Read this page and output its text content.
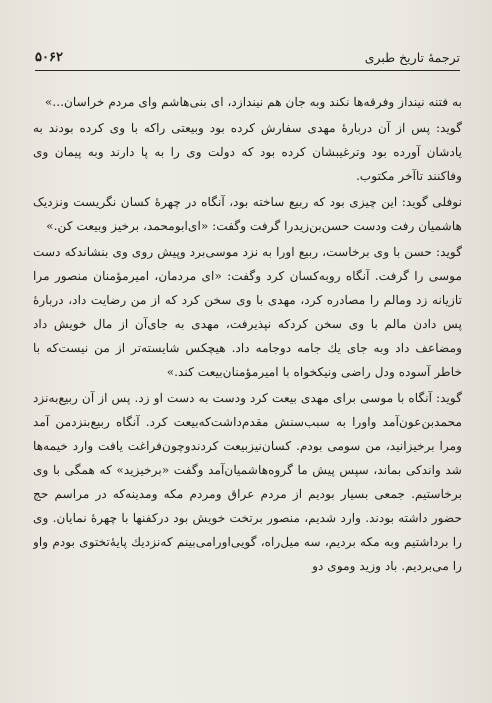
۵۰۶۲	ترجمهٔ تاریخ طبری

به فتنه نینداز وفرقه‌ها نکند وبه جان هم نیندازد، ای بنی‌هاشم وای مردم خراسان...»

گوید: پس از آن دربارهٔ مهدی سفارش کرده بود وبیعتی راکه با وی کرده بودند به یادشان آورده بود وترغیبشان کرده بود که دولت وی را به پا دارند وبه پیمان وی وفاکنند تاآخر مکتوب.

نوفلی گوید: این چیزی بود که ربیع ساخته بود، آنگاه در چهرهٔ کسان نگریست ونزدیک هاشمیان رفت ودست حسن‌بن‌زیدرا گرفت وگفت: «ای‌ابومحمد، برخیز وبیعت کن.»

گوید: حسن با وی برخاست، ربیع اورا به نزد موسی‌برد وپیش روی وی بنشاندکه دست موسی را گرفت. آنگاه روبه‌کسان کرد وگفت: «ای مردمان، امیرمؤمنان منصور مرا تازیانه زد ومالم را مصادره کرد، مهدی با وی سخن کرد که از من رضایت داد، دربارهٔ پس دادن مالم با وی سخن کردکه نپذیرفت، مهدی به جای‌آن از مال خویش داد ومضاعف داد وبه جای یك جامه دوجامه داد. هیچکس شایسته‌تر از من نیست‌که با خاطر آسوده ودل راضی ونیکخواه با امیرمؤمنان‌بیعت کند.»

گوید: آنگاه با موسی برای مهدی بیعت کرد ودست به دست او زد. پس از آن ربیع‌به‌نزد محمدبن‌عون‌آمد واورا به سبب‌سنش مقدم‌داشت‌که‌بیعت کرد. آنگاه ربیع‌بنزدمن آمد ومرا برخیزانید، من سومی بودم. کسان‌نیز‌بیعت کردندوچون‌فراغت یافت وارد خیمه‌ها شد واندکی بماند، سپس پیش ما گروه‌هاشمیان‌آمد وگفت «برخیزید» که همگی با وی برخاستیم. جمعی بسیار بودیم از مردم عراق ومردم مکه ومدینه‌که در مراسم حج حضور داشته بودند. وارد شدیم، منصور برتخت خویش بود درکفنها با چهرهٔ نمایان. وی را برداشتیم وبه مکه بردیم، سه میل‌راه، گویی‌اورامی‌بینم که‌نزدیك پایهٔ‌تختوی بودم واو را می‌بردیم. باد وزید وموی دو
